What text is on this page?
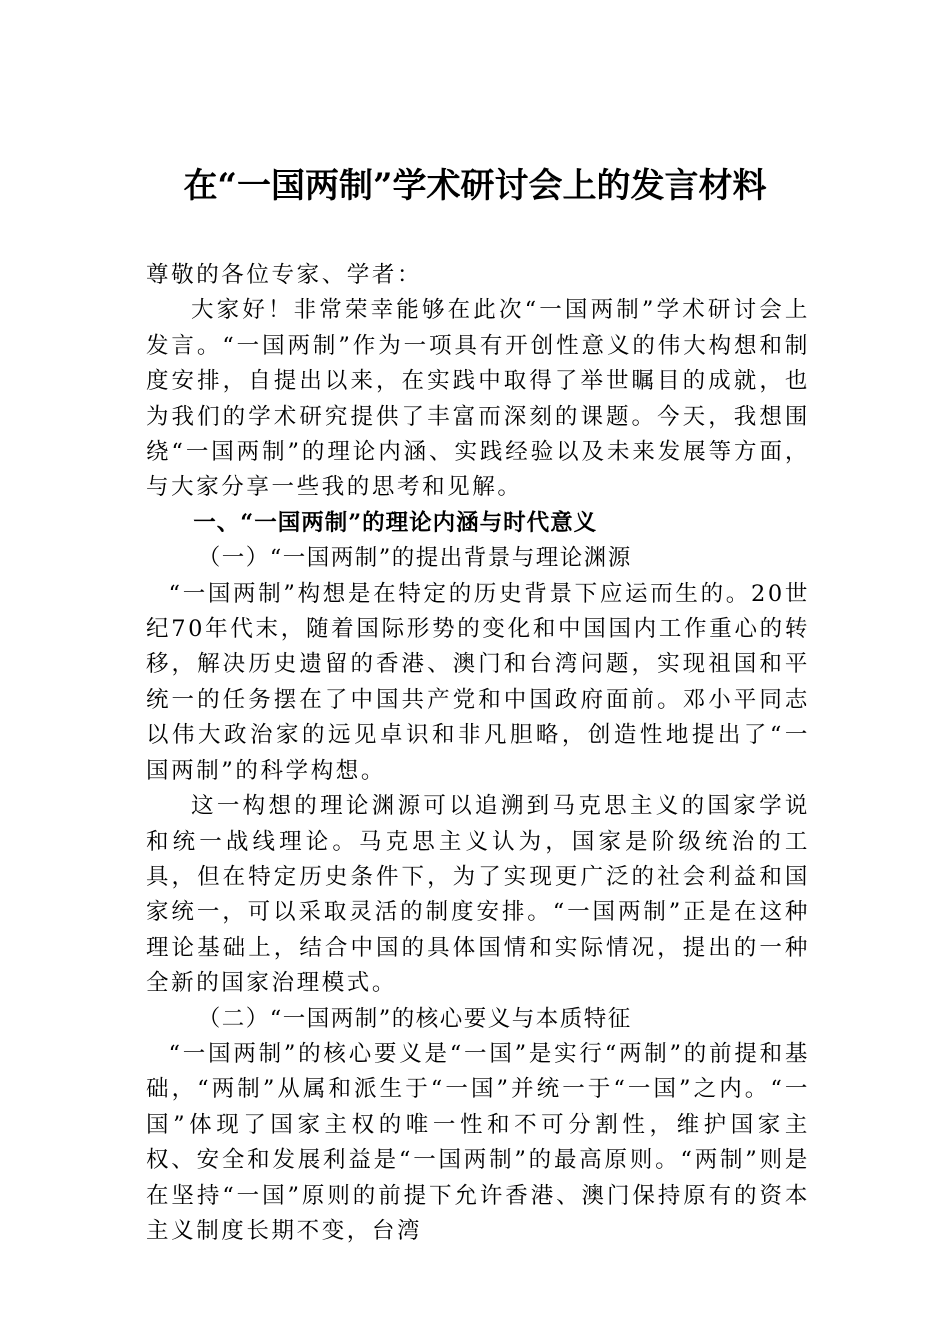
在“一国两制”学术研讨会上的发言材料

尊敬的各位专家、学者：

大家好！非常荣幸能够在此次“一国两制”学术研讨会上发言。“一国两制”作为一项具有开创性意义的伟大构想和制度安排，自提出以来，在实践中取得了举世瞩目的成就，也为我们的学术研究提供了丰富而深刻的课题。今天，我想围绕“一国两制”的理论内涵、实践经验以及未来发展等方面，与大家分享一些我的思考和见解。

一、“一国两制”的理论内涵与时代意义

（一）“一国两制”的提出背景与理论渊源

“一国两制”构想是在特定的历史背景下应运而生的。20世纪70年代末，随着国际形势的变化和中国国内工作重心的转移，解决历史遗留的香港、澳门和台湾问题，实现祖国和平统一的任务摆在了中国共产党和中国政府面前。邓小平同志以伟大政治家的远见卓识和非凡胆略，创造性地提出了“一国两制”的科学构想。

这一构想的理论渊源可以追溯到马克思主义的国家学说和统一战线理论。马克思主义认为，国家是阶级统治的工具，但在特定历史条件下，为了实现更广泛的社会利益和国家统一，可以采取灵活的制度安排。“一国两制”正是在这种理论基础上，结合中国的具体国情和实际情况，提出的一种全新的国家治理模式。

（二）“一国两制”的核心要义与本质特征

“一国两制”的核心要义是“一国”是实行“两制”的前提和基础，“两制”从属和派生于“一国”并统一于“一国”之内。“一国”体现了国家主权的唯一性和不可分割性，维护国家主权、安全和发展利益是“一国两制”的最高原则。“两制”则是在坚持“一国”原则的前提下允许香港、澳门保持原有的资本主义制度长期不变，台湾
